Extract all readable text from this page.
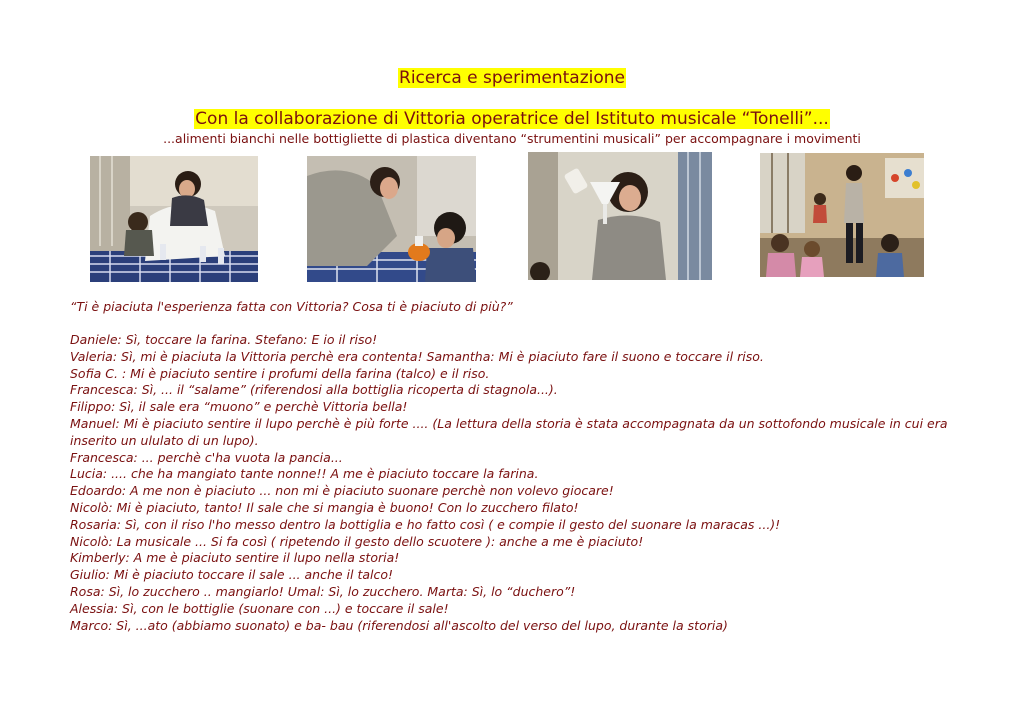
Ricerca e sperimentazione
Con la collaborazione di Vittoria operatrice del Istituto musicale “Tonelli”...
...alimenti bianchi nelle bottigliette di plastica diventano “strumentini musicali” per accompagnare i movimenti
“Ti è piaciuta l'esperienza fatta con Vittoria? Cosa ti è piaciuto di più?”
Daniele: Sì, toccare la farina. Stefano: E io il riso!
Valeria: Sì, mi è piaciuta la Vittoria perchè era contenta! Samantha: Mi è piaciuto fare il suono e toccare il riso.
Sofia C. : Mi è piaciuto sentire i profumi della farina (talco) e il riso.
Francesca: Sì, ... il “salame” (riferendosi alla bottiglia ricoperta di stagnola...).
Filippo: Sì, il sale era “muono” e perchè Vittoria bella!
Manuel: Mi è piaciuto sentire il lupo perchè è più forte .... (La lettura della storia è stata accompagnata da un sottofondo musicale in cui era inserito un ululato di un lupo).
Francesca: ... perchè c'ha vuota la pancia...
Lucia: .... che ha mangiato tante nonne!! A me è piaciuto toccare la farina.
Edoardo: A me non è piaciuto ... non mi è piaciuto suonare perchè non volevo giocare!
Nicolò: Mi è piaciuto, tanto! Il sale che si mangia è buono! Con lo zucchero filato!
Rosaria: Sì, con il riso l'ho messo dentro la bottiglia e ho fatto così ( e compie il gesto del suonare la maracas ...)!
Nicolò: La musicale ... Si fa così ( ripetendo il gesto dello scuotere ): anche a me è piaciuto!
Kimberly: A me è piaciuto sentire il lupo nella storia!
Giulio: Mi è piaciuto toccare il sale ... anche il talco!
Rosa: Sì, lo zucchero .. mangiarlo! Umal: Sì, lo zucchero. Marta: Sì, lo “duchero”!
Alessia: Sì, con le bottiglie (suonare con ...) e toccare il sale!
Marco: Sì, ...ato (abbiamo suonato) e ba- bau (riferendosi all'ascolto del verso del lupo, durante la storia)
